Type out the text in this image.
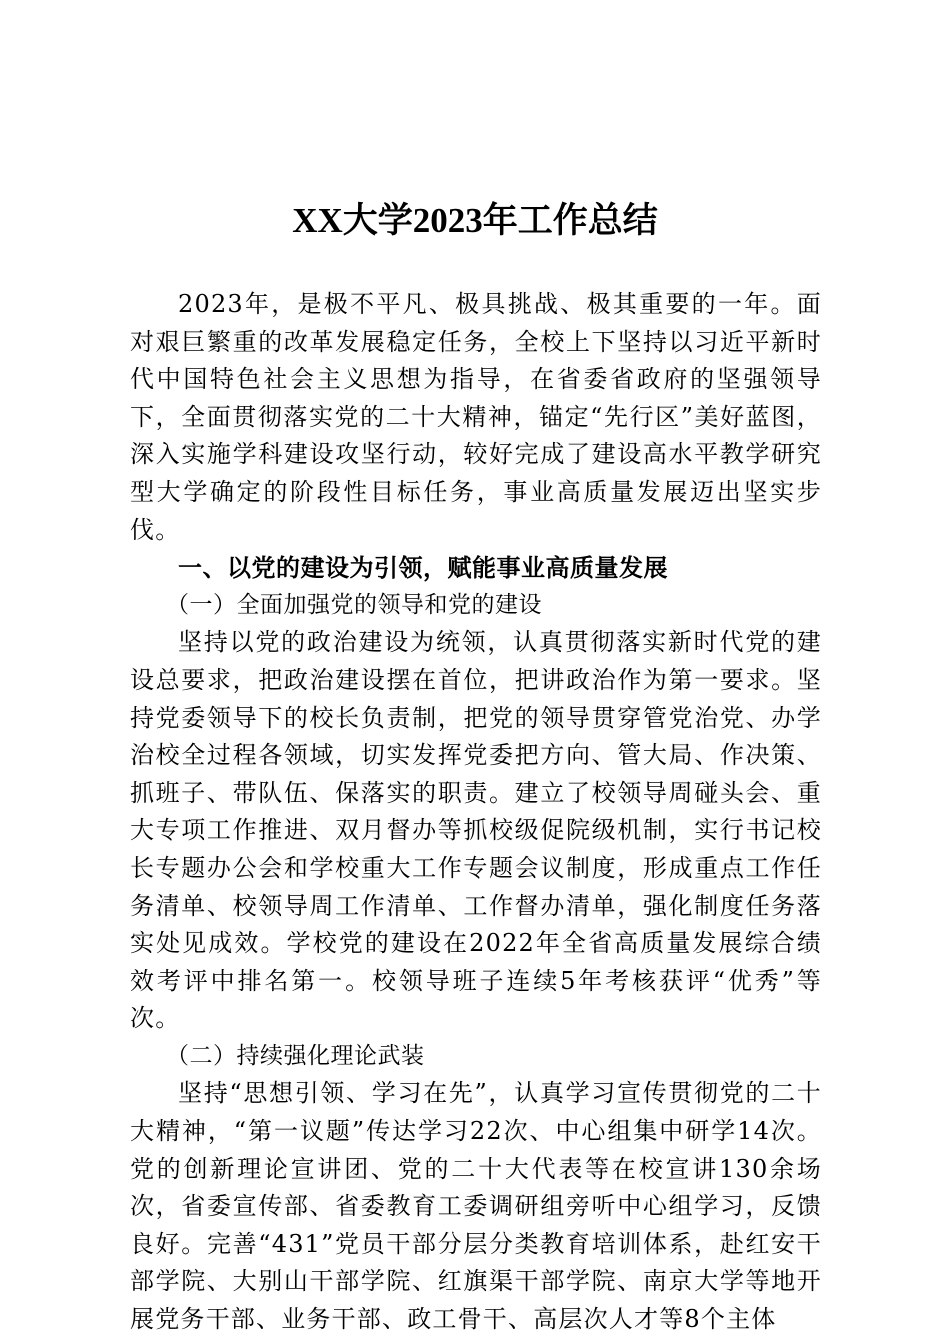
XX大学2023年工作总结

2023年，是极不平凡、极具挑战、极其重要的一年。面对艰巨繁重的改革发展稳定任务，全校上下坚持以习近平新时代中国特色社会主义思想为指导，在省委省政府的坚强领导下，全面贯彻落实党的二十大精神，锚定“先行区”美好蓝图，深入实施学科建设攻坚行动，较好完成了建设高水平教学研究型大学确定的阶段性目标任务，事业高质量发展迈出坚实步伐。

一、以党的建设为引领，赋能事业高质量发展

（一）全面加强党的领导和党的建设

坚持以党的政治建设为统领，认真贯彻落实新时代党的建设总要求，把政治建设摆在首位，把讲政治作为第一要求。坚持党委领导下的校长负责制，把党的领导贯穿管党治党、办学治校全过程各领域，切实发挥党委把方向、管大局、作决策、抓班子、带队伍、保落实的职责。建立了校领导周碰头会、重大专项工作推进、双月督办等抓校级促院级机制，实行书记校长专题办公会和学校重大工作专题会议制度，形成重点工作任务清单、校领导周工作清单、工作督办清单，强化制度任务落实处见成效。学校党的建设在2022年全省高质量发展综合绩效考评中排名第一。校领导班子连续5年考核获评“优秀”等次。

（二）持续强化理论武装

坚持“思想引领、学习在先”，认真学习宣传贯彻党的二十大精神，“第一议题”传达学习22次、中心组集中研学14次。党的创新理论宣讲团、党的二十大代表等在校宣讲130余场次，省委宣传部、省委教育工委调研组旁听中心组学习，反馈良好。完善“431”党员干部分层分类教育培训体系，赴红安干部学院、大别山干部学院、红旗渠干部学院、南京大学等地开展党务干部、业务干部、政工骨干、高层次人才等8个主体
